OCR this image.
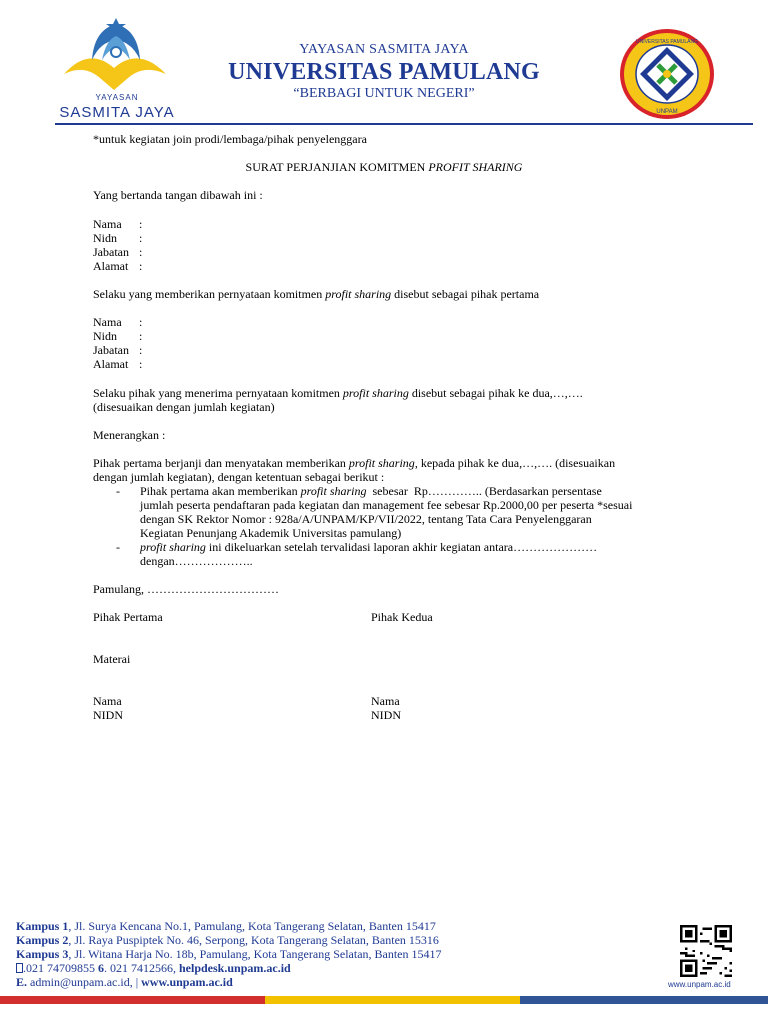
YAYASAN
SASMITA JAYA
YAYASAN SASMITA JAYA
UNIVERSITAS PAMULANG
“BERBAGI UNTUK NEGERI”
UNIVERSITAS PAMULANG
UNPAM
*untuk kegiatan join prodi/lembaga/pihak penyelenggara
SURAT PERJANJIAN KOMITMEN PROFIT SHARING
Yang bertanda tangan dibawah ini :
Nama :
Nidn :
Jabatan :
Alamat :
Selaku yang memberikan pernyataan komitmen profit sharing disebut sebagai pihak pertama
Nama :
Nidn :
Jabatan :
Alamat :
Selaku pihak yang menerima pernyataan komitmen profit sharing disebut sebagai pihak ke dua,…,….
(disesuaikan dengan jumlah kegiatan)
Menerangkan :
Pihak pertama berjanji dan menyatakan memberikan profit sharing, kepada pihak ke dua,…,…. (disesuaikan
dengan jumlah kegiatan), dengan ketentuan sebagai berikut :
- Pihak pertama akan memberikan profit sharing  sebesar  Rp………….. (Berdasarkan persentase
jumlah peserta pendaftaran pada kegiatan dan management fee sebesar Rp.2000,00 per peserta *sesuai
dengan SK Rektor Nomor : 928a/A/UNPAM/KP/VII/2022, tentang Tata Cara Penyelenggaran
Kegiatan Penunjang Akademik Universitas pamulang)
- profit sharing ini dikeluarkan setelah tervalidasi laporan akhir kegiatan antara…………………
dengan………………..
Pamulang, ……………………………
Pihak Pertama	Pihak Kedua
Materai
Nama	Nama
NIDN	NIDN
Kampus 1, Jl. Surya Kencana No.1, Pamulang, Kota Tangerang Selatan, Banten 15417
Kampus 2, Jl. Raya Puspiptek No. 46, Serpong, Kota Tangerang Selatan, Banten 15316
Kampus 3, Jl. Witana Harja No. 18b, Pamulang, Kota Tangerang Selatan, Banten 15417
.021 74709855 6. 021 7412566, helpdesk.unpam.ac.id
E. admin@unpam.ac.id, | www.unpam.ac.id	www.unpam.ac.id
